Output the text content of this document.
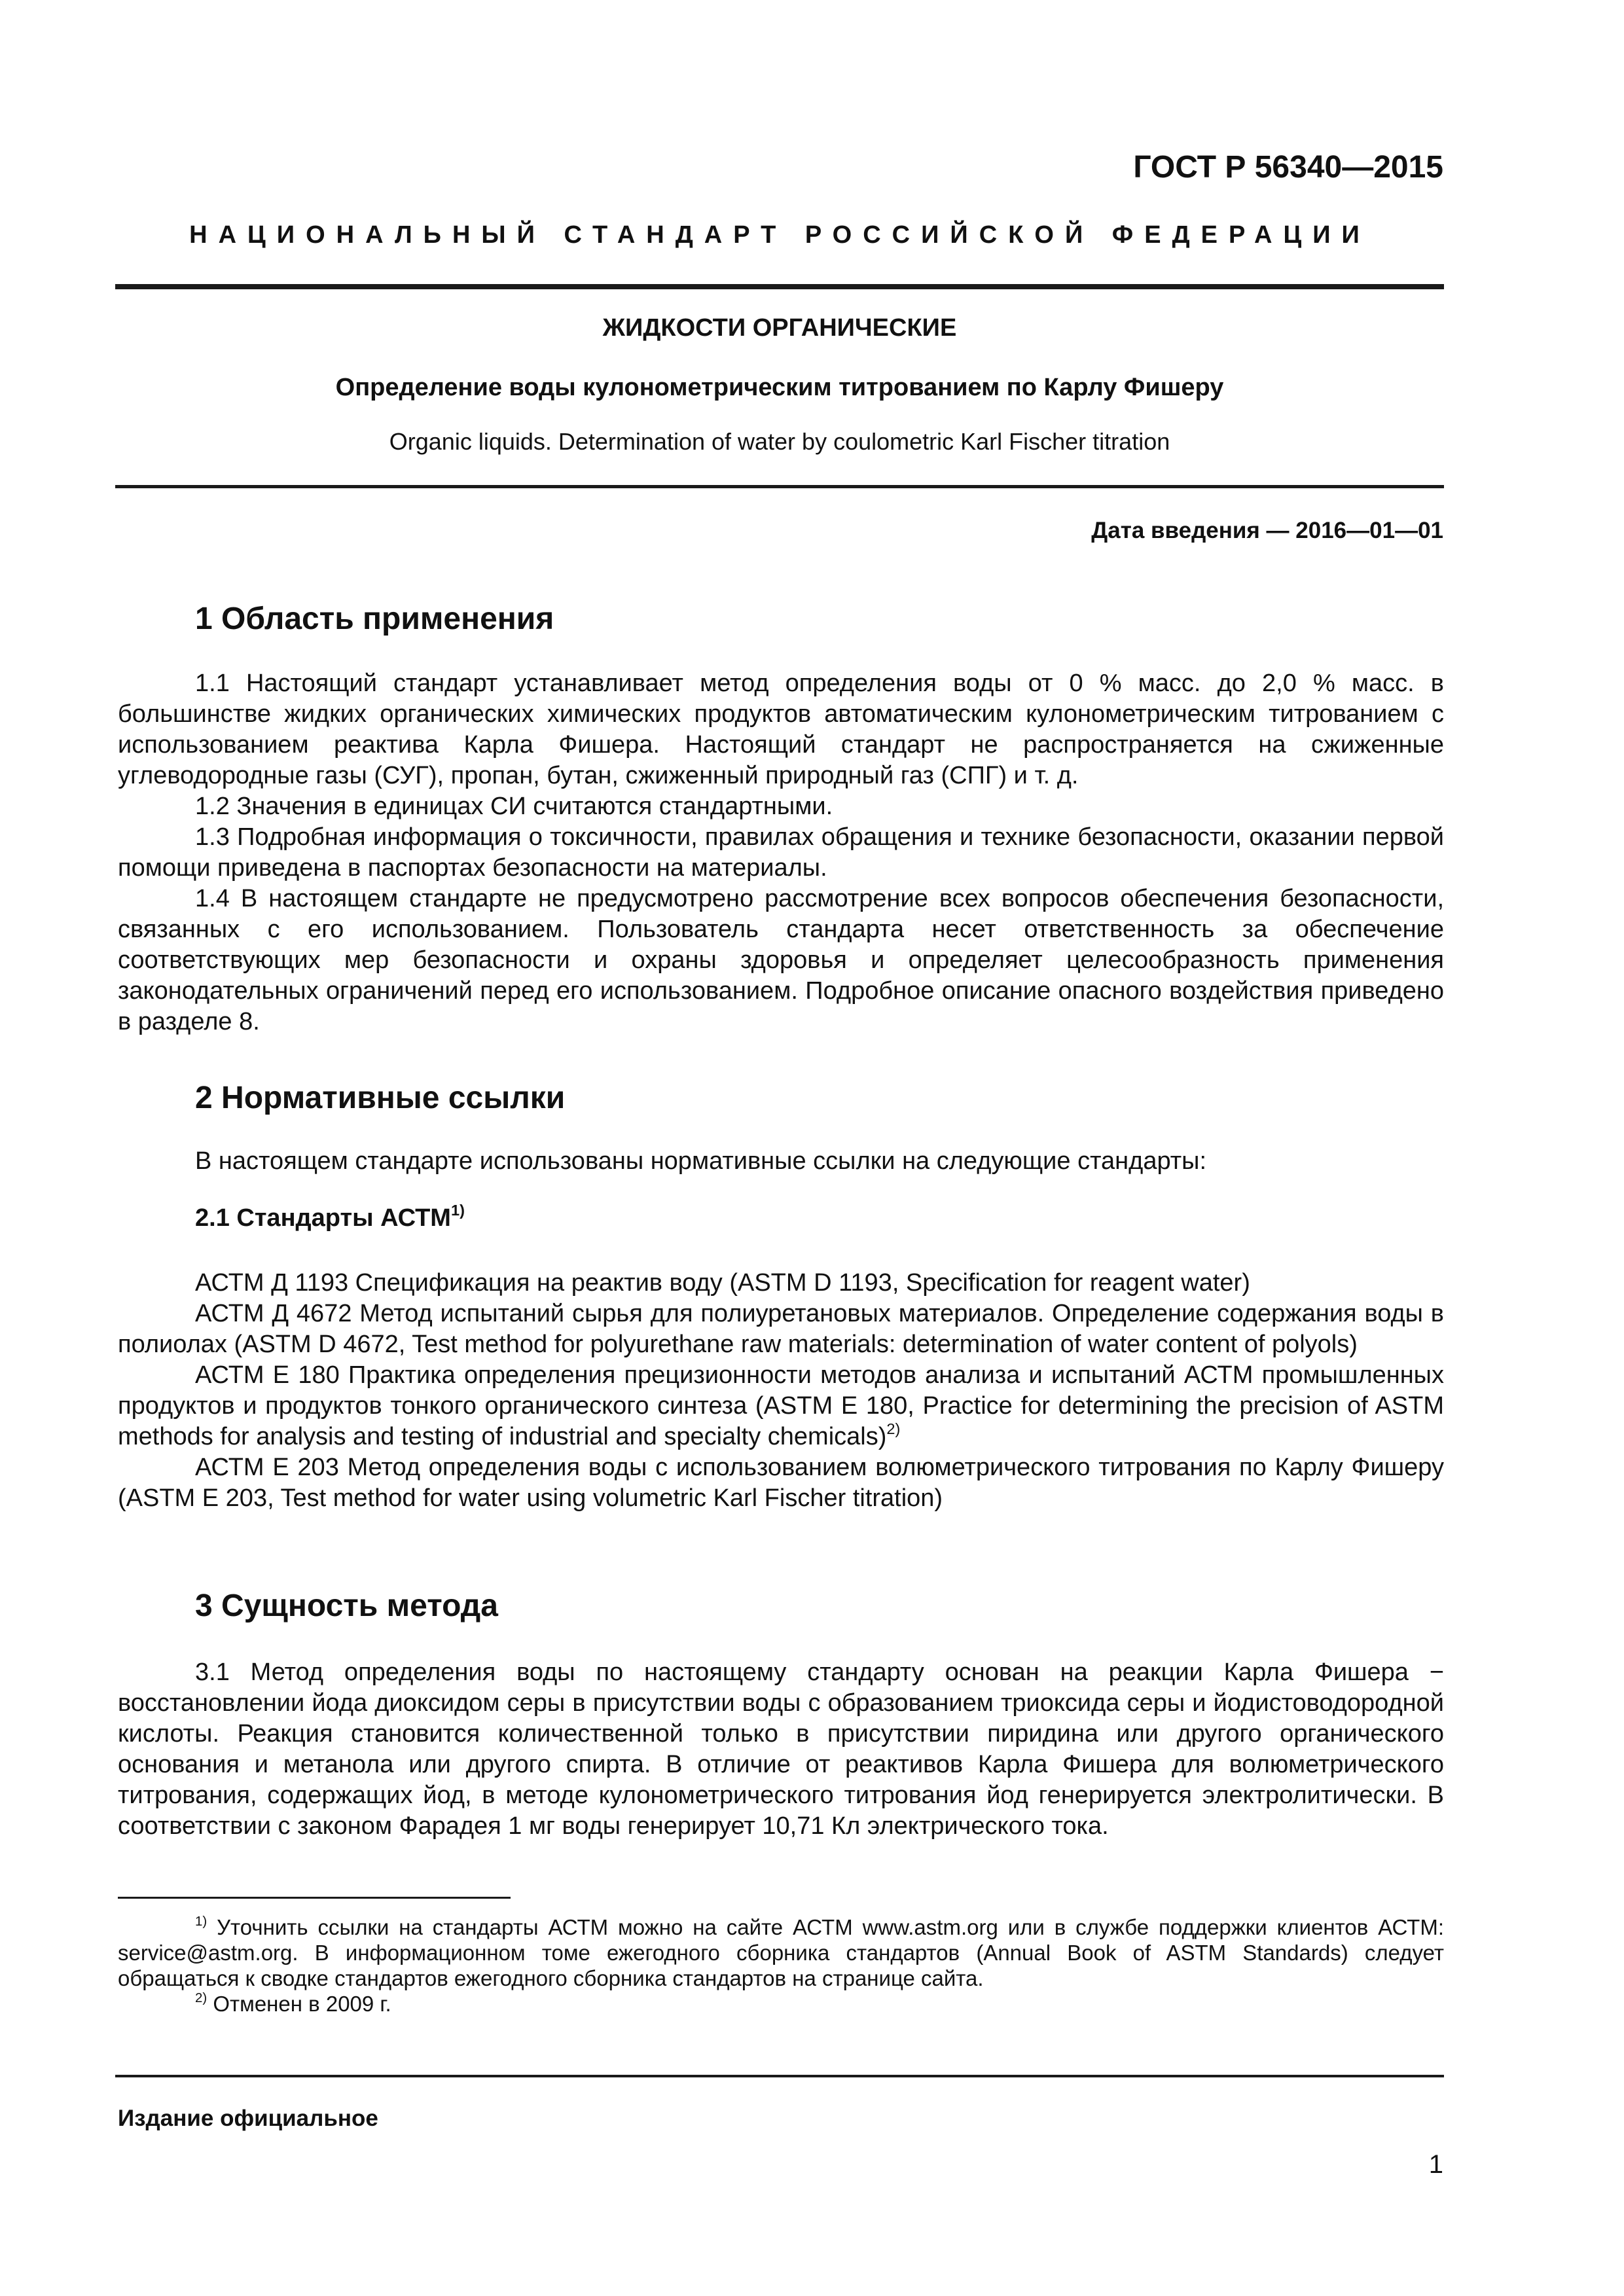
ГОСТ Р 56340—2015
НАЦИОНАЛЬНЫЙ СТАНДАРТ РОССИЙСКОЙ ФЕДЕРАЦИИ
ЖИДКОСТИ ОРГАНИЧЕСКИЕ
Определение воды кулонометрическим титрованием по Карлу Фишеру
Organic liquids. Determination of water by coulometric Karl Fischer titration
Дата введения — 2016—01—01
1 Область применения

1.1 Настоящий стандарт устанавливает метод определения воды от 0 % масс. до 2,0 % масс. в большинстве жидких органических химических продуктов автоматическим кулонометрическим титрованием с использованием реактива Карла Фишера. Настоящий стандарт не распространяется на сжиженные углеводородные газы (СУГ), пропан, бутан, сжиженный природный газ (СПГ) и т. д.

1.2 Значения в единицах СИ считаются стандартными.

1.3 Подробная информация о токсичности, правилах обращения и технике безопасности, оказании первой помощи приведена в паспортах безопасности на материалы.

1.4 В настоящем стандарте не предусмотрено рассмотрение всех вопросов обеспечения безопасности, связанных с его использованием. Пользователь стандарта несет ответственность за обеспечение соответствующих мер безопасности и охраны здоровья и определяет целесообразность применения законодательных ограничений перед его использованием. Подробное описание опасного воздействия приведено в разделе 8.

2 Нормативные ссылки

В настоящем стандарте использованы нормативные ссылки на следующие стандарты:

2.1 Стандарты АСТМ$^{1)}$

АСТМ Д 1193 Спецификация на реактив воду (ASTM D 1193, Specification for reagent water)

АСТМ Д 4672 Метод испытаний сырья для полиуретановых материалов. Определение содержания воды в полиолах (ASTM D 4672, Test method for polyurethane raw materials: determination of water content of polyols)

АСТМ Е 180 Практика определения прецизионности методов анализа и испытаний АСТМ промышленных продуктов и продуктов тонкого органического синтеза (ASTM E 180, Practice for determining the precision of ASTM methods for analysis and testing of industrial and specialty chemicals)$^{2)}$

АСТМ Е 203 Метод определения воды с использованием волюметрического титрования по Карлу Фишеру (ASTM E 203, Test method for water using volumetric Karl Fischer titration)

3 Сущность метода

3.1 Метод определения воды по настоящему стандарту основан на реакции Карла Фишера − восстановлении йода диоксидом серы в присутствии воды с образованием триоксида серы и йодистоводородной кислоты. Реакция становится количественной только в присутствии пиридина или другого органического основания и метанола или другого спирта. В отличие от реактивов Карла Фишера для волюметрического титрования, содержащих йод, в методе кулонометрического титрования йод генерируется электролитически. В соответствии с законом Фарадея 1 мг воды генерирует 10,71 Кл электрического тока.

$^{1)}$ Уточнить ссылки на стандарты АСТМ можно на сайте АСТМ www.astm.org или в службе поддержки клиентов АСТМ: service@astm.org. В информационном томе ежегодного сборника стандартов (Annual Book of ASTM Standards) следует обращаться к сводке стандартов ежегодного сборника стандартов на странице сайта.

$^{2)}$ Отменен в 2009 г.

Издание официальное
1
